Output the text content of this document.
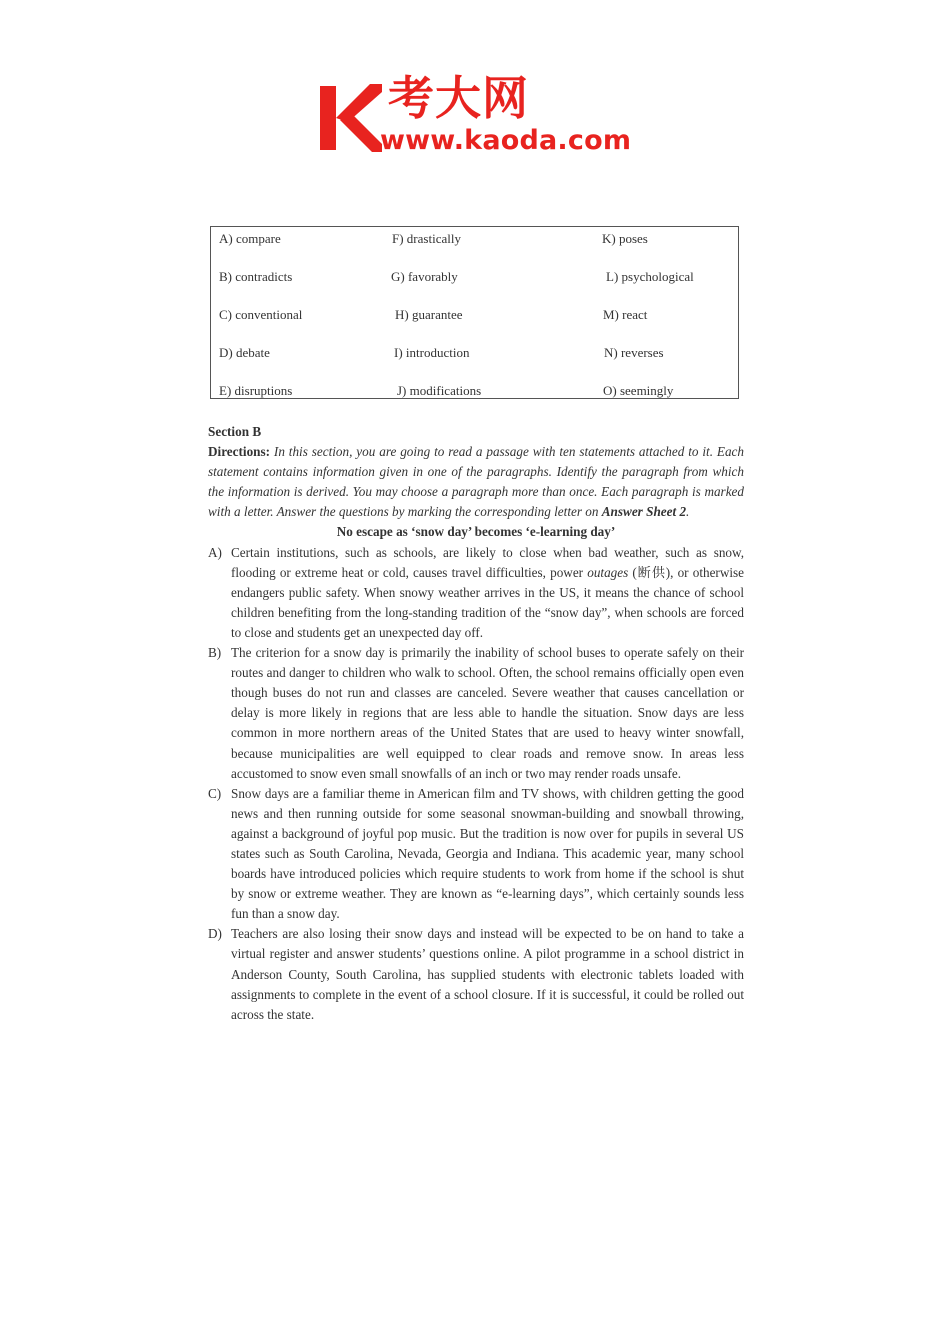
考大网
www.kaoda.com
A) compare	F) drastically	K) poses
B) contradicts	G) favorably	L) psychological
C) conventional	H) guarantee	M) react
D) debate	I) introduction	N) reverses
E) disruptions	J) modifications	O) seemingly
Section B
Directions: In this section, you are going to read a passage with ten statements attached to it. Each statement contains information given in one of the paragraphs. Identify the paragraph from which the information is derived. You may choose a paragraph more than once. Each paragraph is marked with a letter. Answer the questions by marking the corresponding letter on Answer Sheet 2.
No escape as ‘snow day’ becomes ‘e-learning day’
A) Certain institutions, such as schools, are likely to close when bad weather, such as snow, flooding or extreme heat or cold, causes travel difficulties, power outages (断供), or otherwise endangers public safety. When snowy weather arrives in the US, it means the chance of school children benefiting from the long-standing tradition of the “snow day”, when schools are forced to close and students get an unexpected day off.
B) The criterion for a snow day is primarily the inability of school buses to operate safely on their routes and danger to children who walk to school. Often, the school remains officially open even though buses do not run and classes are canceled. Severe weather that causes cancellation or delay is more likely in regions that are less able to handle the situation. Snow days are less common in more northern areas of the United States that are used to heavy winter snowfall, because municipalities are well equipped to clear roads and remove snow. In areas less accustomed to snow even small snowfalls of an inch or two may render roads unsafe.
C) Snow days are a familiar theme in American film and TV shows, with children getting the good news and then running outside for some seasonal snowman-building and snowball throwing, against a background of joyful pop music. But the tradition is now over for pupils in several US states such as South Carolina, Nevada, Georgia and Indiana. This academic year, many school boards have introduced policies which require students to work from home if the school is shut by snow or extreme weather. They are known as “e-learning days”, which certainly sounds less fun than a snow day.
D) Teachers are also losing their snow days and instead will be expected to be on hand to take a virtual register and answer students’ questions online. A pilot programme in a school district in Anderson County, South Carolina, has supplied students with electronic tablets loaded with assignments to complete in the event of a school closure. If it is successful, it could be rolled out across the state.
